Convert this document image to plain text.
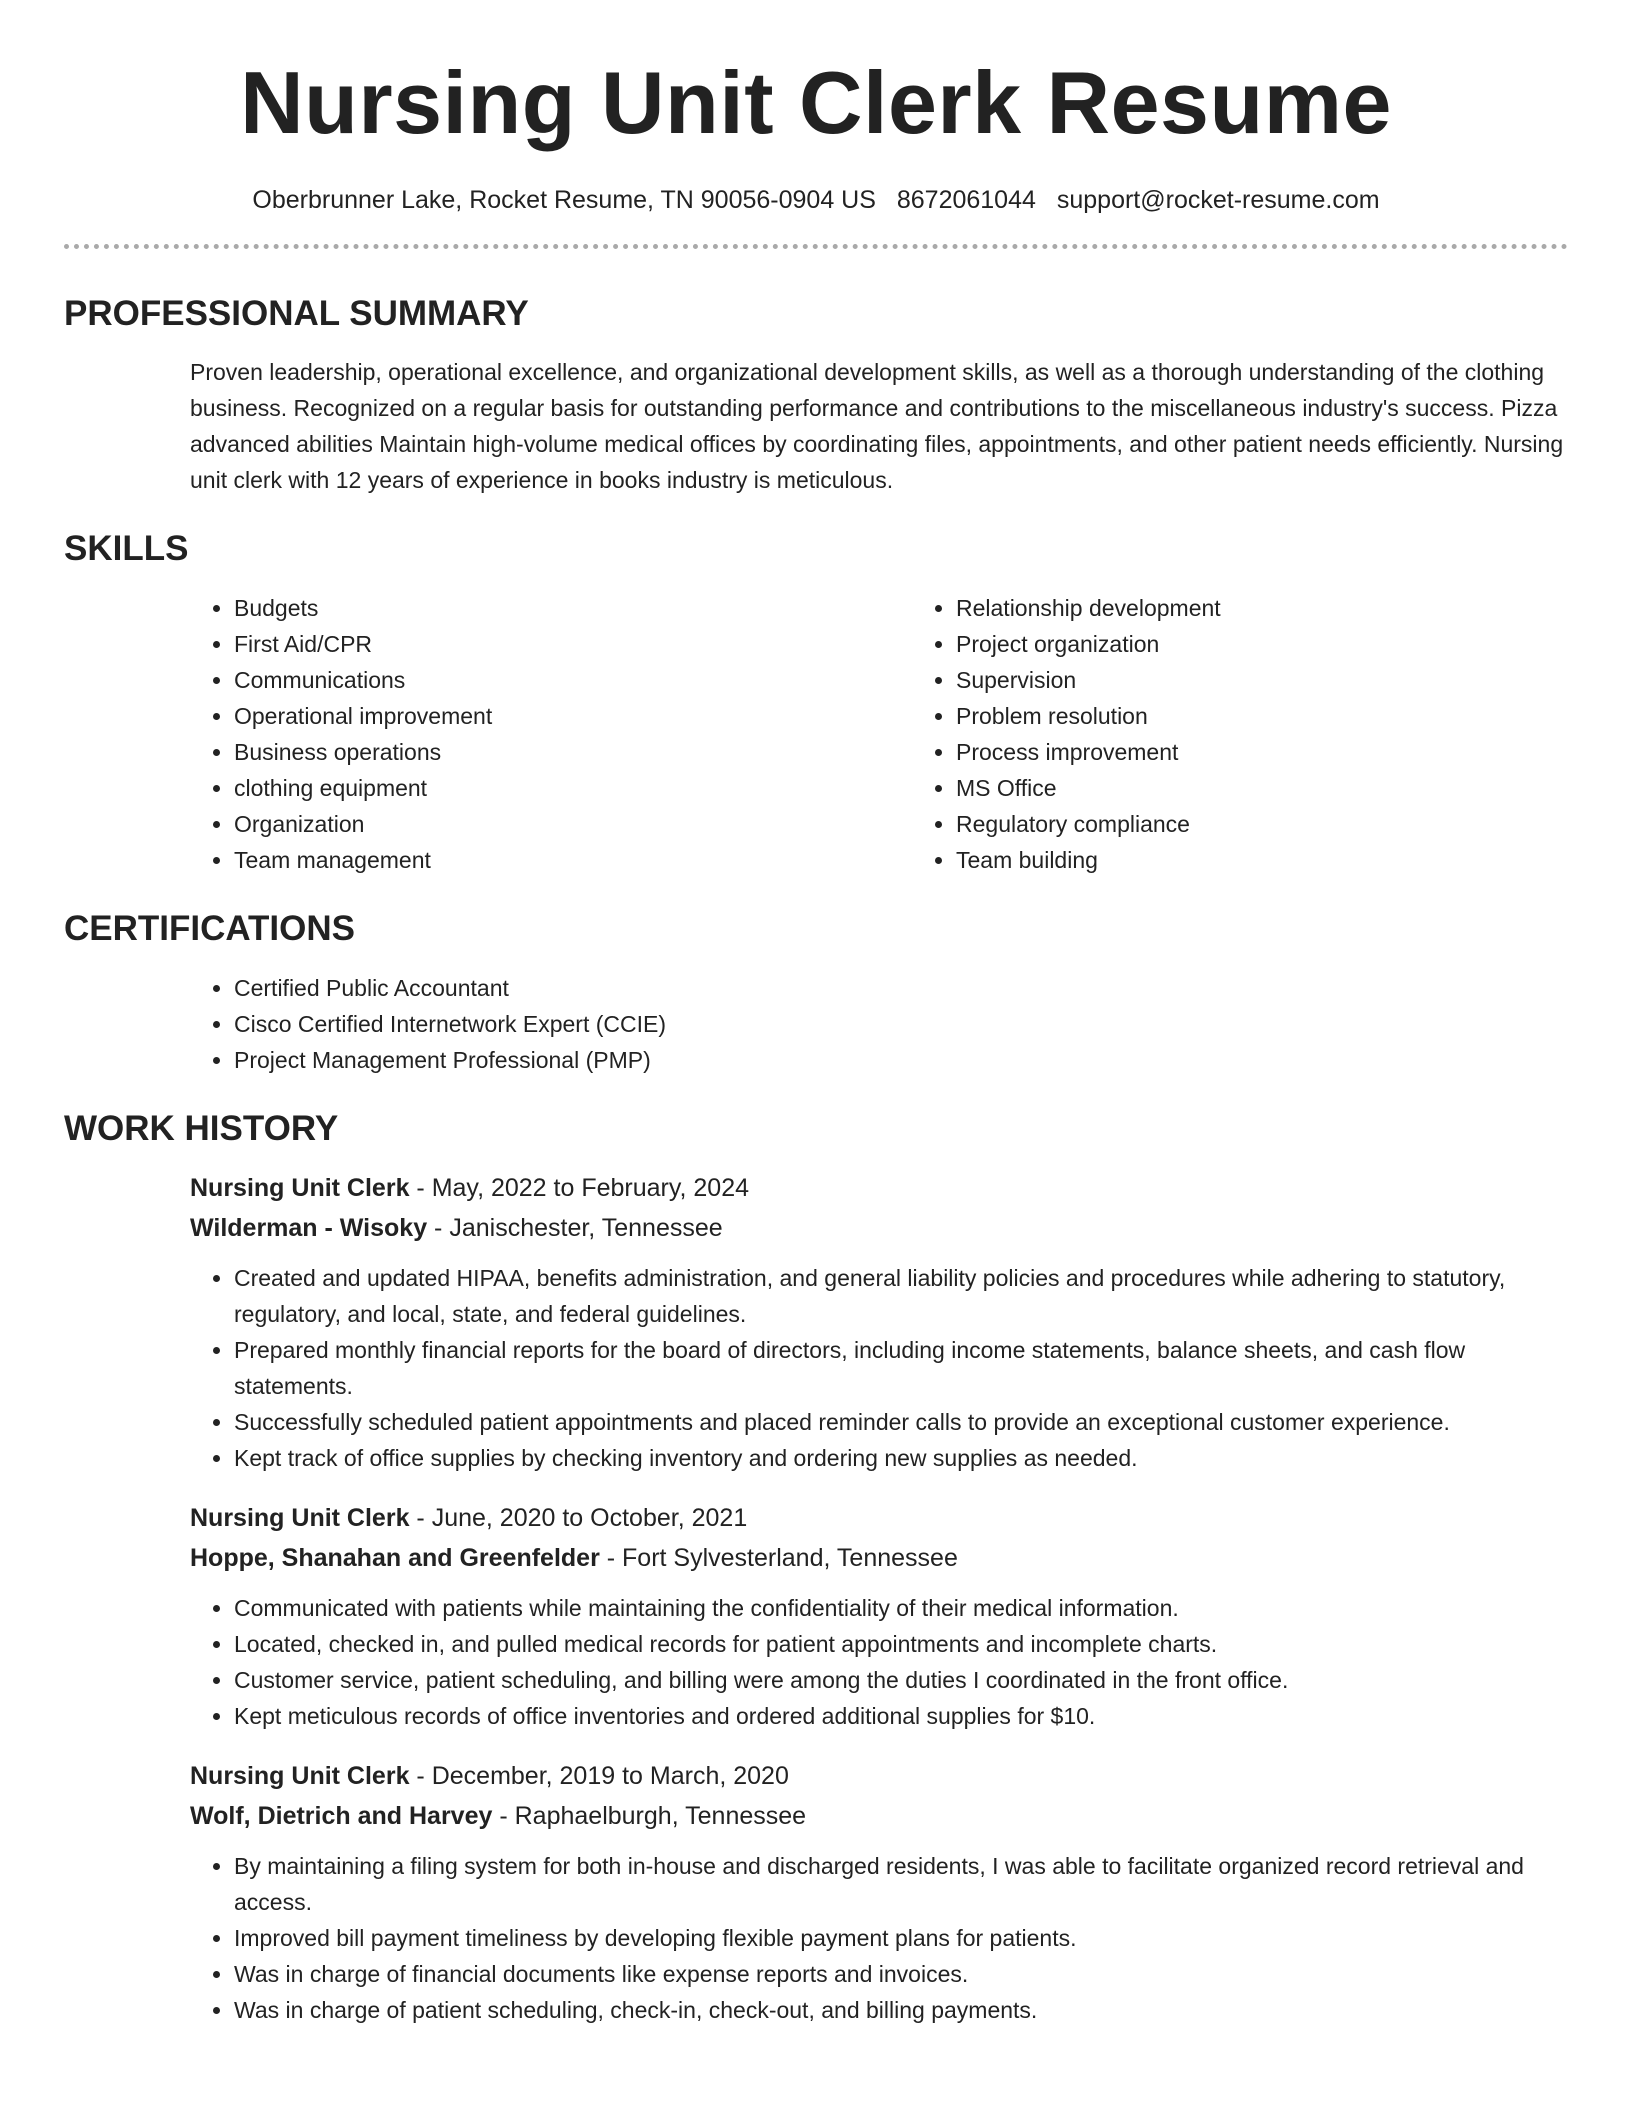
Nursing Unit Clerk Resume
Oberbrunner Lake, Rocket Resume, TN 90056-0904 US 8672061044 support@rocket-resume.com
PROFESSIONAL SUMMARY

Proven leadership, operational excellence, and organizational development skills, as well as a thorough understanding of the clothing business. Recognized on a regular basis for outstanding performance and contributions to the miscellaneous industry's success. Pizza advanced abilities Maintain high-volume medical offices by coordinating files, appointments, and other patient needs efficiently. Nursing unit clerk with 12 years of experience in books industry is meticulous.

SKILLS
• Budgets
• First Aid/CPR
• Communications
• Operational improvement
• Business operations
• clothing equipment
• Organization
• Team management
• Relationship development
• Project organization
• Supervision
• Problem resolution
• Process improvement
• MS Office
• Regulatory compliance
• Team building
CERTIFICATIONS
• Certified Public Accountant
• Cisco Certified Internetwork Expert (CCIE)
• Project Management Professional (PMP)
WORK HISTORY
Nursing Unit Clerk - May, 2022 to February, 2024
Wilderman - Wisoky - Janischester, Tennessee
• Created and updated HIPAA, benefits administration, and general liability policies and procedures while adhering to statutory, regulatory, and local, state, and federal guidelines.
• Prepared monthly financial reports for the board of directors, including income statements, balance sheets, and cash flow statements.
• Successfully scheduled patient appointments and placed reminder calls to provide an exceptional customer experience.
• Kept track of office supplies by checking inventory and ordering new supplies as needed.
Nursing Unit Clerk - June, 2020 to October, 2021
Hoppe, Shanahan and Greenfelder - Fort Sylvesterland, Tennessee
• Communicated with patients while maintaining the confidentiality of their medical information.
• Located, checked in, and pulled medical records for patient appointments and incomplete charts.
• Customer service, patient scheduling, and billing were among the duties I coordinated in the front office.
• Kept meticulous records of office inventories and ordered additional supplies for $10.
Nursing Unit Clerk - December, 2019 to March, 2020
Wolf, Dietrich and Harvey - Raphaelburgh, Tennessee
• By maintaining a filing system for both in-house and discharged residents, I was able to facilitate organized record retrieval and access.
• Improved bill payment timeliness by developing flexible payment plans for patients.
• Was in charge of financial documents like expense reports and invoices.
• Was in charge of patient scheduling, check-in, check-out, and billing payments.
